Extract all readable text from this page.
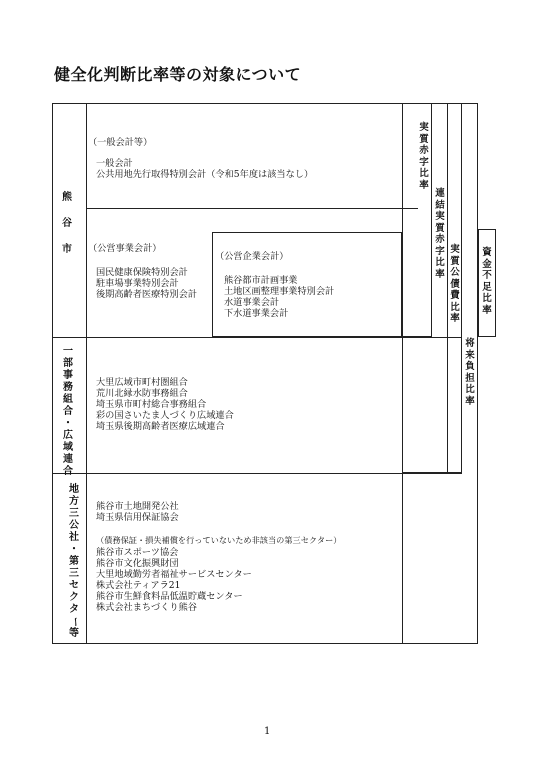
健全化判断比率等の対象について
実
質
赤
字
比
率
連
結
実
質
赤
字
比
率
実
質
公
債
費
比
率
将
来
負
担
比
率
資
金
不
足
比
率
熊
谷
市
一
部
事
務
組
合
・
広
域
連
合
地
方
三
公
社
・
第
三
セ
ク
タ
ー
等
（一般会計等）
一般会計
公共用地先行取得特別会計（令和5年度は該当なし）
（公営事業会計）
国民健康保険特別会計
駐車場事業特別会計
後期高齢者医療特別会計
（公営企業会計）
熊谷都市計画事業
土地区画整理事業特別会計
水道事業会計
下水道事業会計
大里広域市町村圏組合
荒川北縁水防事務組合
埼玉県市町村総合事務組合
彩の国さいたま人づくり広域連合
埼玉県後期高齢者医療広域連合
熊谷市土地開発公社
埼玉県信用保証協会
（債務保証・損失補償を行っていないため非該当の第三セクター）
熊谷市スポーツ協会
熊谷市文化振興財団
大里地域勤労者福祉サービスセンター
株式会社ティアラ21
熊谷市生鮮食料品低温貯蔵センター
株式会社まちづくり熊谷
1
